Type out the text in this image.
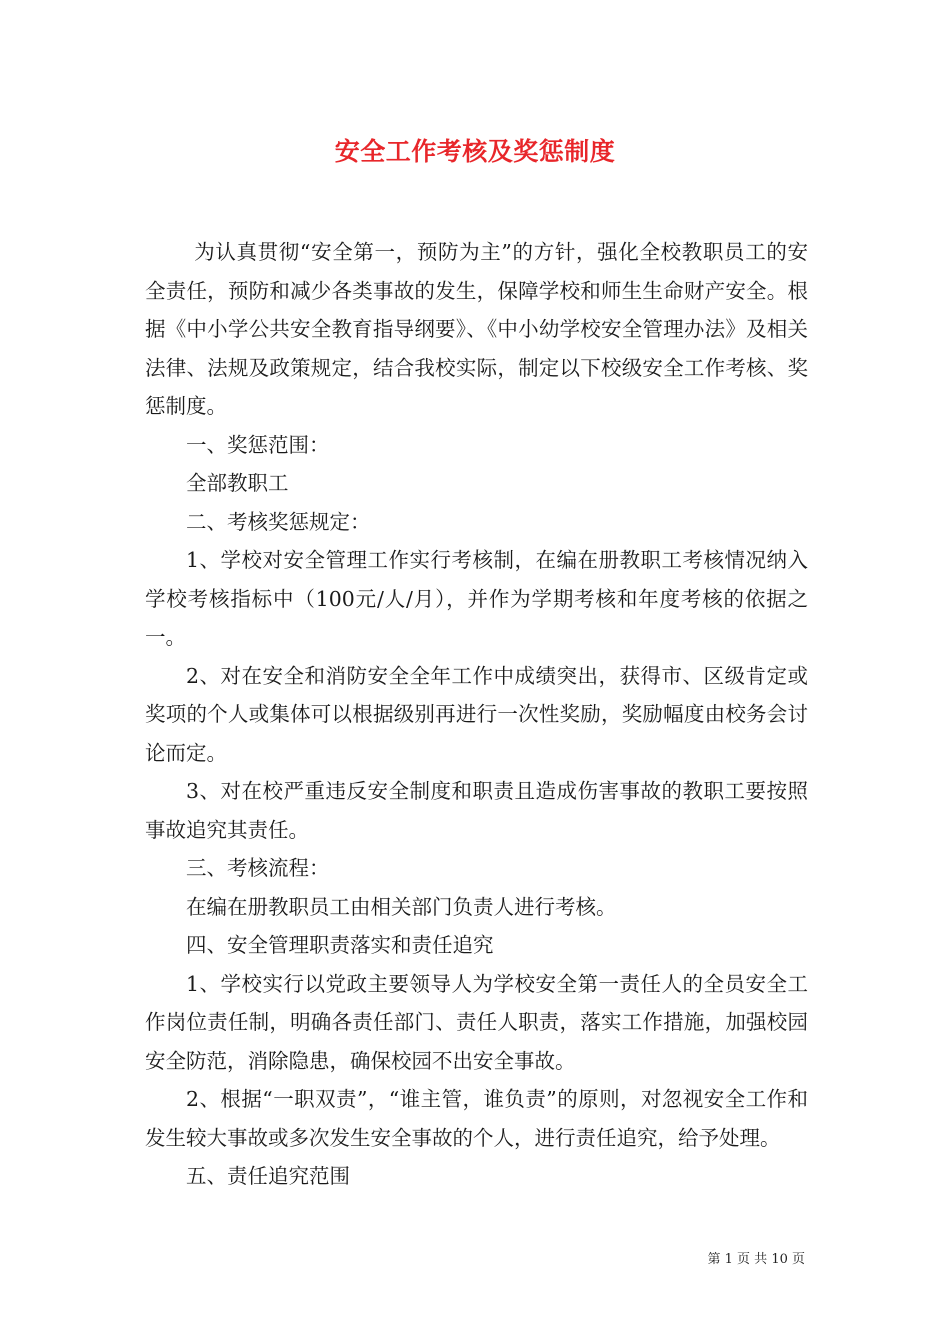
安全工作考核及奖惩制度

为认真贯彻“安全第一，预防为主”的方针，强化全校教职员工的安全责任，预防和减少各类事故的发生，保障学校和师生生命财产安全。根据《中小学公共安全教育指导纲要》、《中小幼学校安全管理办法》及相关法律、法规及政策规定，结合我校实际，制定以下校级安全工作考核、奖惩制度。

一、奖惩范围：

全部教职工

二、考核奖惩规定：

1、学校对安全管理工作实行考核制，在编在册教职工考核情况纳入学校考核指标中（100元/人/月），并作为学期考核和年度考核的依据之一。

2、对在安全和消防安全全年工作中成绩突出，获得市、区级肯定或奖项的个人或集体可以根据级别再进行一次性奖励，奖励幅度由校务会讨论而定。

3、对在校严重违反安全制度和职责且造成伤害事故的教职工要按照事故追究其责任。

三、考核流程：

在编在册教职员工由相关部门负责人进行考核。

四、安全管理职责落实和责任追究

1、学校实行以党政主要领导人为学校安全第一责任人的全员安全工作岗位责任制，明确各责任部门、责任人职责，落实工作措施，加强校园安全防范，消除隐患，确保校园不出安全事故。

2、根据“一职双责”，“谁主管，谁负责”的原则，对忽视安全工作和发生较大事故或多次发生安全事故的个人，进行责任追究，给予处理。

五、责任追究范围

第 1 页 共 10 页
